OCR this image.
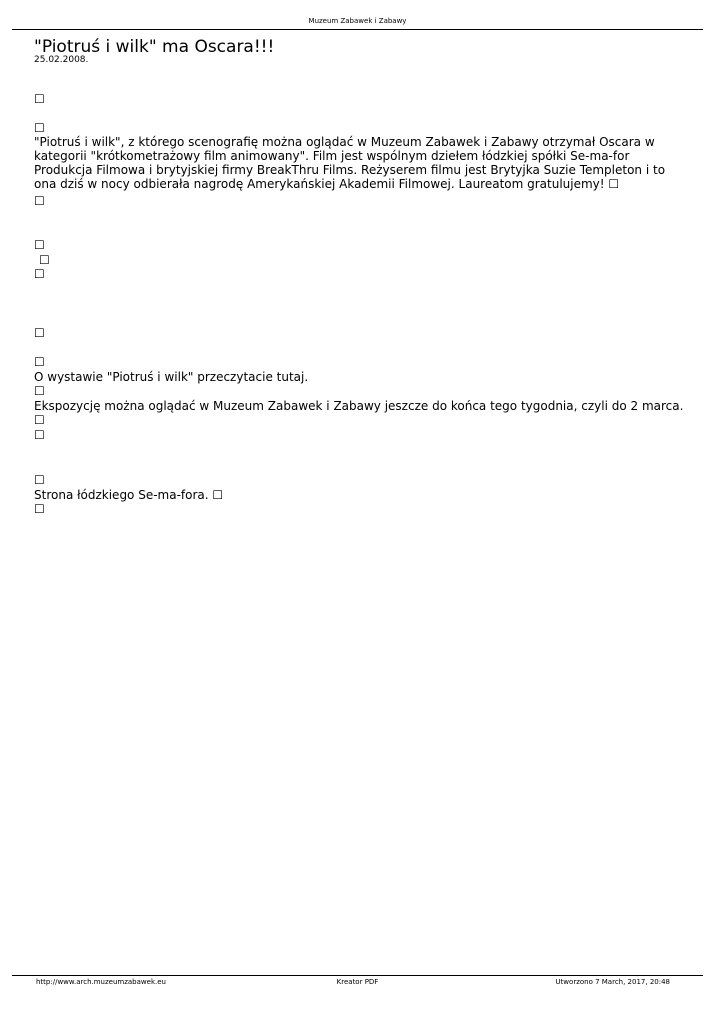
Muzeum Zabawek i Zabawy
"Piotruś i wilk" ma Oscara!!!
25.02.2008.
☐
☐
"Piotruś i wilk", z którego scenografię można oglądać w Muzeum Zabawek i Zabawy otrzymał Oscara w kategorii "krótkometrażowy film animowany". Film jest wspólnym dziełem łódzkiej spółki Se-ma-for Produkcja Filmowa i brytyjskiej firmy BreakThru Films. Reżyserem filmu jest Brytyjka Suzie Templeton i to ona dziś w nocy odbierała nagrodę Amerykańskiej Akademii Filmowej. Laureatom gratulujemy! ☐
☐
☐
☐
☐
☐
☐
O wystawie "Piotruś i wilk" przeczytacie tutaj.
☐
Ekspozycję można oglądać w Muzeum Zabawek i Zabawy jeszcze do końca tego tygodnia, czyli do 2 marca. ☐
☐
☐
Strona łódzkiego Se-ma-fora. ☐
☐
http://www.arch.muzeumzabawek.eu	Kreator PDF	Utworzono 7 March, 2017, 20:48
